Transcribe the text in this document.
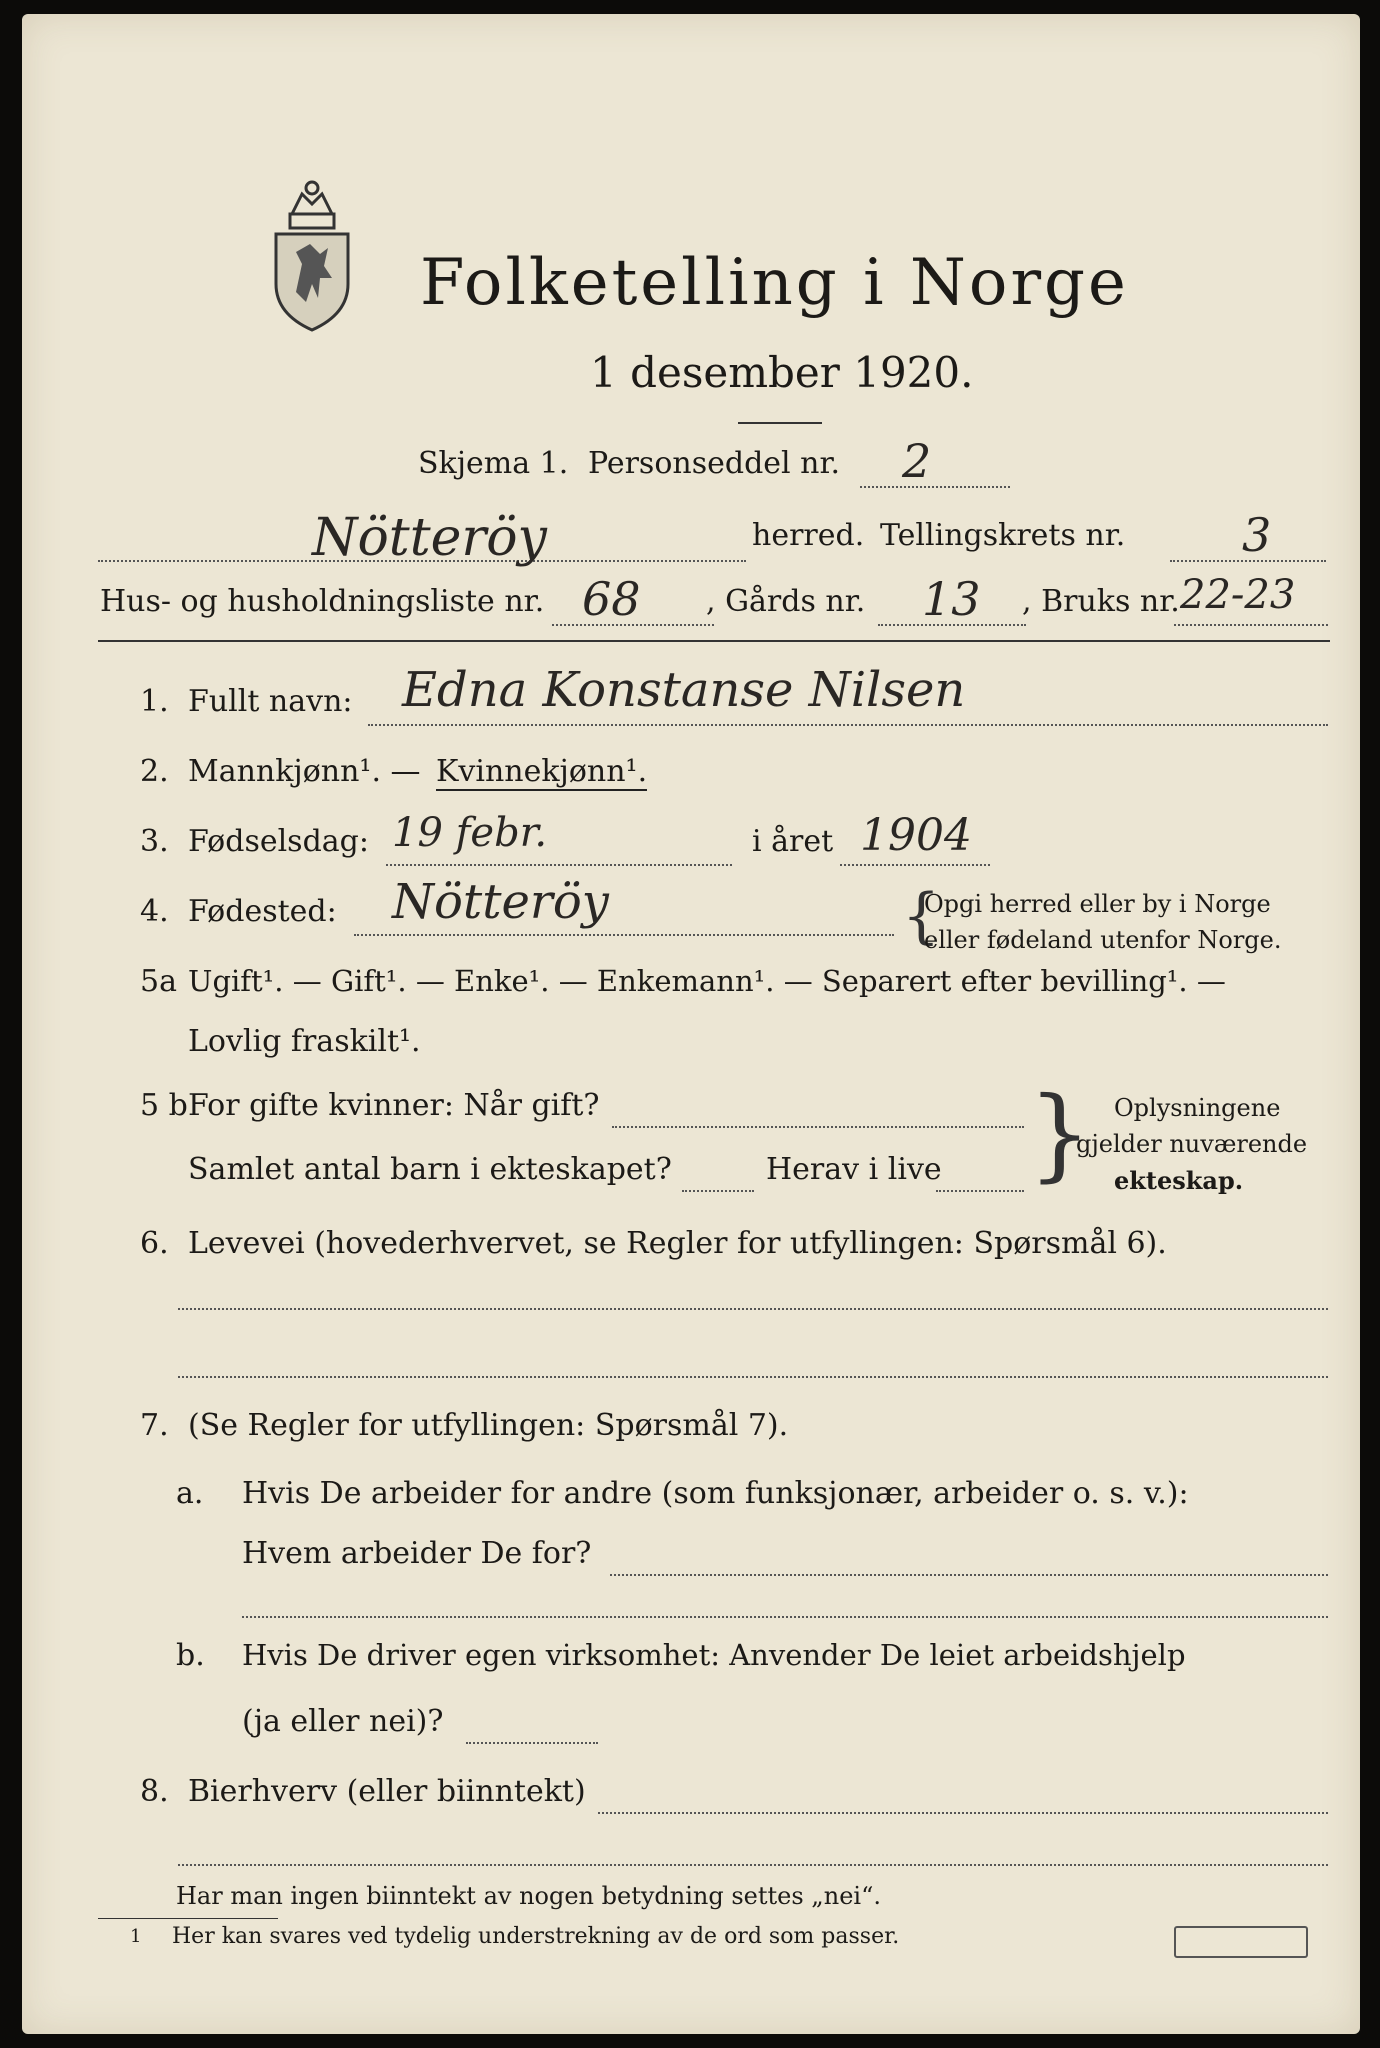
Folketelling i Norge
1 desember 1920.
Skjema 1. Personseddel nr. 2
Nötteröy	herred. Tellingskrets nr.	3
Hus- og husholdningsliste nr. 68 , Gårds nr. 13 , Bruks nr. 22-23
1. Fullt navn: Edna Konstanse Nilsen
2. Mannkjønn¹. — Kvinnekjønn¹.
3. Fødselsdag: 19 febr.	i året 1904
4. Fødested: Nötteröy	{
Opgi herred eller by i Norge
eller fødeland utenfor Norge.
5a Ugift¹. — Gift¹. — Enke¹. — Enkemann¹. — Separert efter bevilling¹. —
Lovlig fraskilt¹.
5 b For gifte kvinner: Når gift?
Samlet antal barn i ekteskapet?	Herav i live } Oplysningene
gjelder nuværende
ekteskap.
6. Levevei (hovederhvervet, se Regler for utfyllingen: Spørsmål 6).
7. (Se Regler for utfyllingen: Spørsmål 7).
a. Hvis De arbeider for andre (som funksjonær, arbeider o. s. v.):
Hvem arbeider De for?
b. Hvis De driver egen virksomhet: Anvender De leiet arbeidshjelp
(ja eller nei)?
8. Bierhverv (eller biinntekt)
Har man ingen biinntekt av nogen betydning settes „nei“.
1 Her kan svares ved tydelig understrekning av de ord som passer.
